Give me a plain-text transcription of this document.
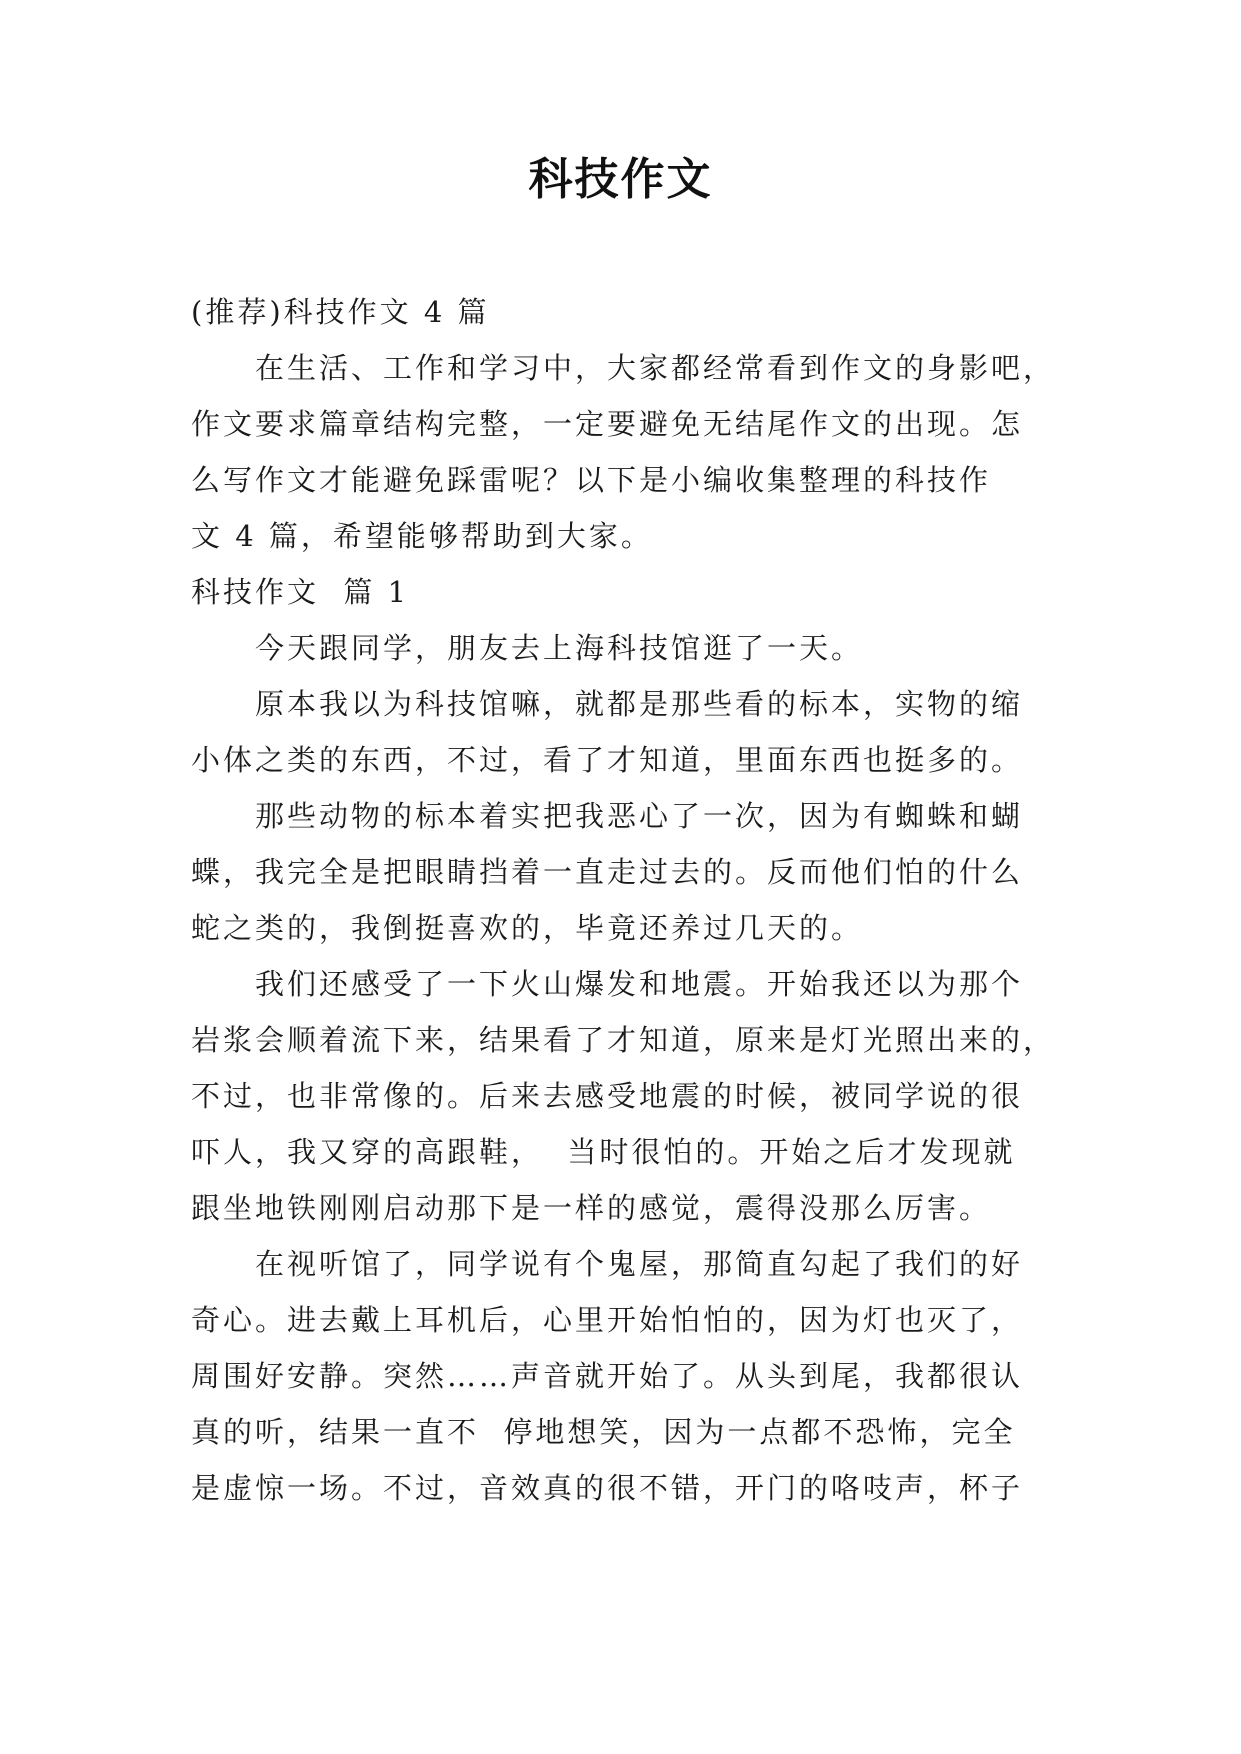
科技作文

(推荐)科技作文 4 篇

在生活、工作和学习中，大家都经常看到作文的身影吧，
作文要求篇章结构完整，一定要避免无结尾作文的出现。怎
么写作文才能避免踩雷呢？以下是小编收集整理的科技作
文 4 篇，希望能够帮助到大家。

科技作文  篇 1

今天跟同学，朋友去上海科技馆逛了一天。

原本我以为科技馆嘛，就都是那些看的标本，实物的缩
小体之类的东西，不过，看了才知道，里面东西也挺多的。

那些动物的标本着实把我恶心了一次，因为有蜘蛛和蝴
蝶，我完全是把眼睛挡着一直走过去的。反而他们怕的什么
蛇之类的，我倒挺喜欢的，毕竟还养过几天的。

我们还感受了一下火山爆发和地震。开始我还以为那个
岩浆会顺着流下来，结果看了才知道，原来是灯光照出来的，
不过，也非常像的。后来去感受地震的时候，被同学说的很
吓人，我又穿的高跟鞋，  当时很怕的。开始之后才发现就
跟坐地铁刚刚启动那下是一样的感觉，震得没那么厉害。

在视听馆了，同学说有个鬼屋，那简直勾起了我们的好
奇心。进去戴上耳机后，心里开始怕怕的，因为灯也灭了，
周围好安静。突然……声音就开始了。从头到尾，我都很认
真的听，结果一直不  停地想笑，因为一点都不恐怖，完全
是虚惊一场。不过，音效真的很不错，开门的咯吱声，杯子
